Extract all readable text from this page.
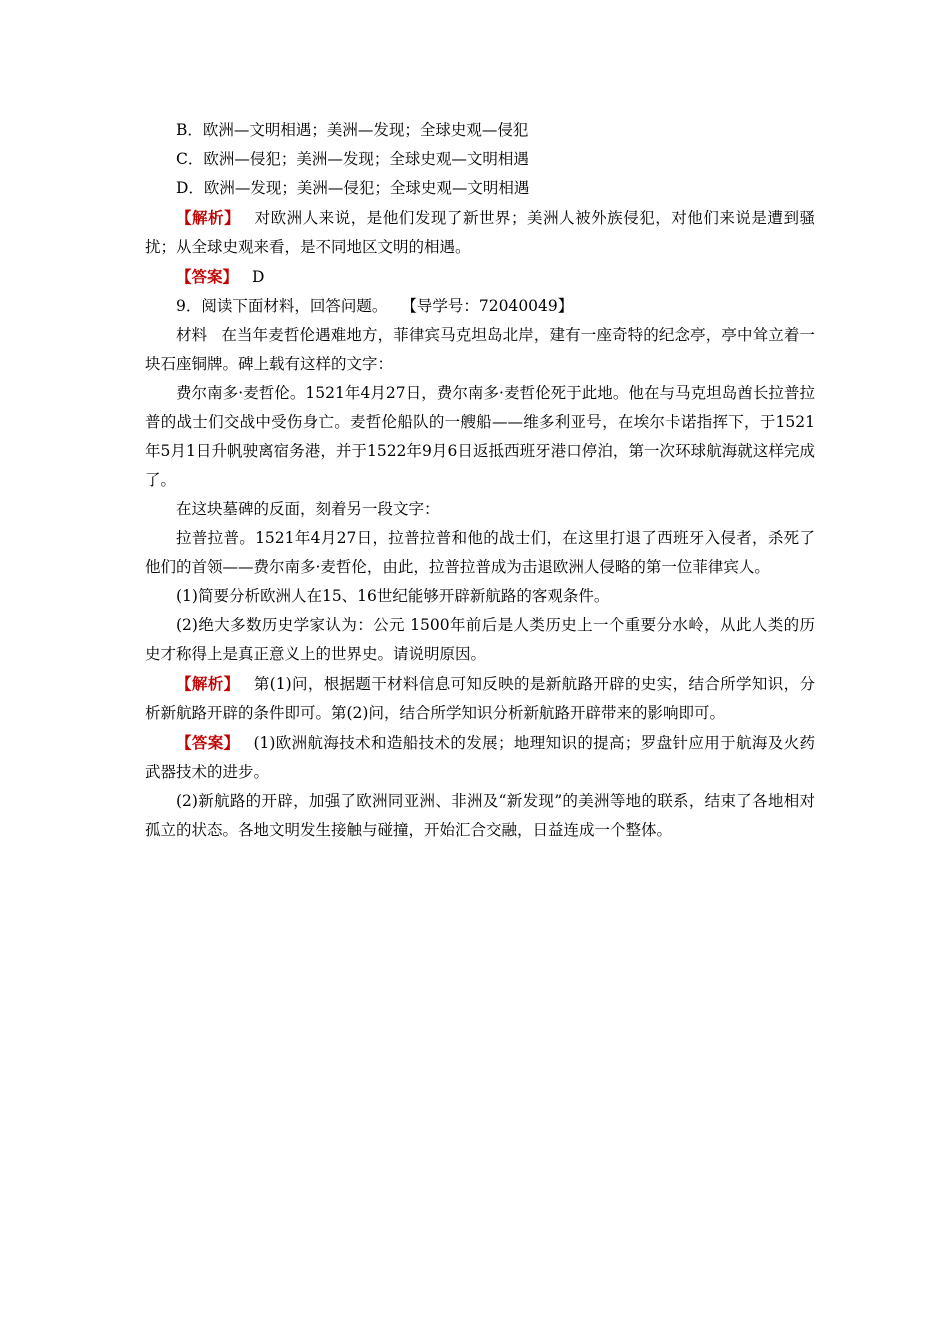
B．欧洲—文明相遇；美洲—发现；全球史观—侵犯

C．欧洲—侵犯；美洲—发现；全球史观—文明相遇

D．欧洲—发现；美洲—侵犯；全球史观—文明相遇

【解析】 对欧洲人来说，是他们发现了新世界；美洲人被外族侵犯，对他们来说是遭到骚扰；从全球史观来看，是不同地区文明的相遇。

【答案】 D

9．阅读下面材料，回答问题。 【导学号：72040049】

材料 在当年麦哲伦遇难地方，菲律宾马克坦岛北岸，建有一座奇特的纪念亭，亭中耸立着一块石座铜牌。碑上载有这样的文字：

费尔南多·麦哲伦。1521年4月27日，费尔南多·麦哲伦死于此地。他在与马克坦岛酋长拉普拉普的战士们交战中受伤身亡。麦哲伦船队的一艘船——维多利亚号，在埃尔卡诺指挥下，于1521年5月1日升帆驶离宿务港，并于1522年9月6日返抵西班牙港口停泊，第一次环球航海就这样完成了。

在这块墓碑的反面，刻着另一段文字：

拉普拉普。1521年4月27日，拉普拉普和他的战士们，在这里打退了西班牙入侵者，杀死了他们的首领——费尔南多·麦哲伦，由此，拉普拉普成为击退欧洲人侵略的第一位菲律宾人。

(1)简要分析欧洲人在15、16世纪能够开辟新航路的客观条件。

(2)绝大多数历史学家认为：公元 1500年前后是人类历史上一个重要分水岭，从此人类的历史才称得上是真正意义上的世界史。请说明原因。

【解析】 第(1)问，根据题干材料信息可知反映的是新航路开辟的史实，结合所学知识，分析新航路开辟的条件即可。第(2)问，结合所学知识分析新航路开辟带来的影响即可。

【答案】 (1)欧洲航海技术和造船技术的发展；地理知识的提高；罗盘针应用于航海及火药武器技术的进步。

(2)新航路的开辟，加强了欧洲同亚洲、非洲及“新发现”的美洲等地的联系，结束了各地相对孤立的状态。各地文明发生接触与碰撞，开始汇合交融，日益连成一个整体。
